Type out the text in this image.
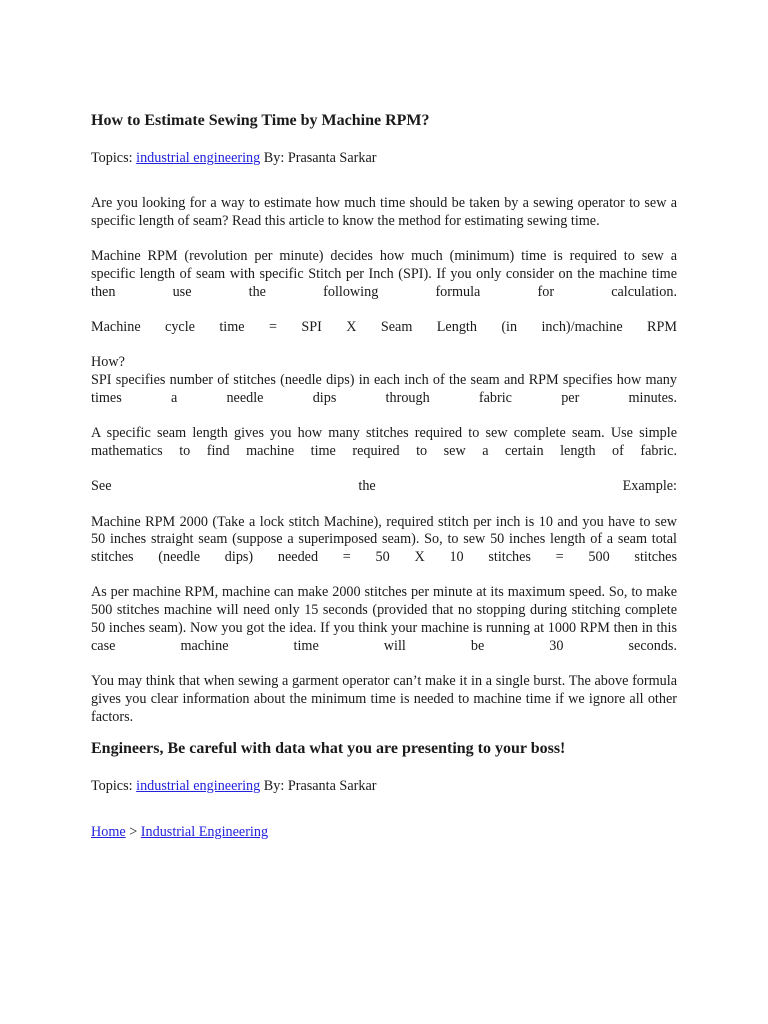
How to Estimate Sewing Time by Machine RPM?
Topics: industrial engineering By: Prasanta Sarkar

Are you looking for a way to estimate how much time should be taken by a sewing operator to sew a specific length of seam? Read this article to know the method for estimating sewing time.

Machine RPM (revolution per minute) decides how much (minimum) time is required to sew a specific length of seam with specific Stitch per Inch (SPI). If you only consider on the machine time then use the following formula for calculation.

Machine cycle time = SPI X Seam Length (in inch)/machine RPM

How?

SPI specifies number of stitches (needle dips) in each inch of the seam and RPM specifies how many times a needle dips through fabric per minutes.

A specific seam length gives you how many stitches required to sew complete seam. Use simple mathematics to find machine time required to sew a certain length of fabric.

See the Example:

Machine RPM 2000 (Take a lock stitch Machine), required stitch per inch is 10 and you have to sew 50 inches straight seam (suppose a superimposed seam). So, to sew 50 inches length of a seam total stitches (needle dips) needed = 50 X 10 stitches = 500 stitches

As per machine RPM, machine can make 2000 stitches per minute at its maximum speed. So, to make 500 stitches machine will need only 15 seconds (provided that no stopping during stitching complete 50 inches seam). Now you got the idea. If you think your machine is running at 1000 RPM then in this case machine time will be 30 seconds.

You may think that when sewing a garment operator can’t make it in a single burst. The above formula gives you clear information about the minimum time is needed to machine time if we ignore all other factors.

Engineers, Be careful with data what you are presenting to your boss!
Topics: industrial engineering By: Prasanta Sarkar
Home > Industrial Engineering
